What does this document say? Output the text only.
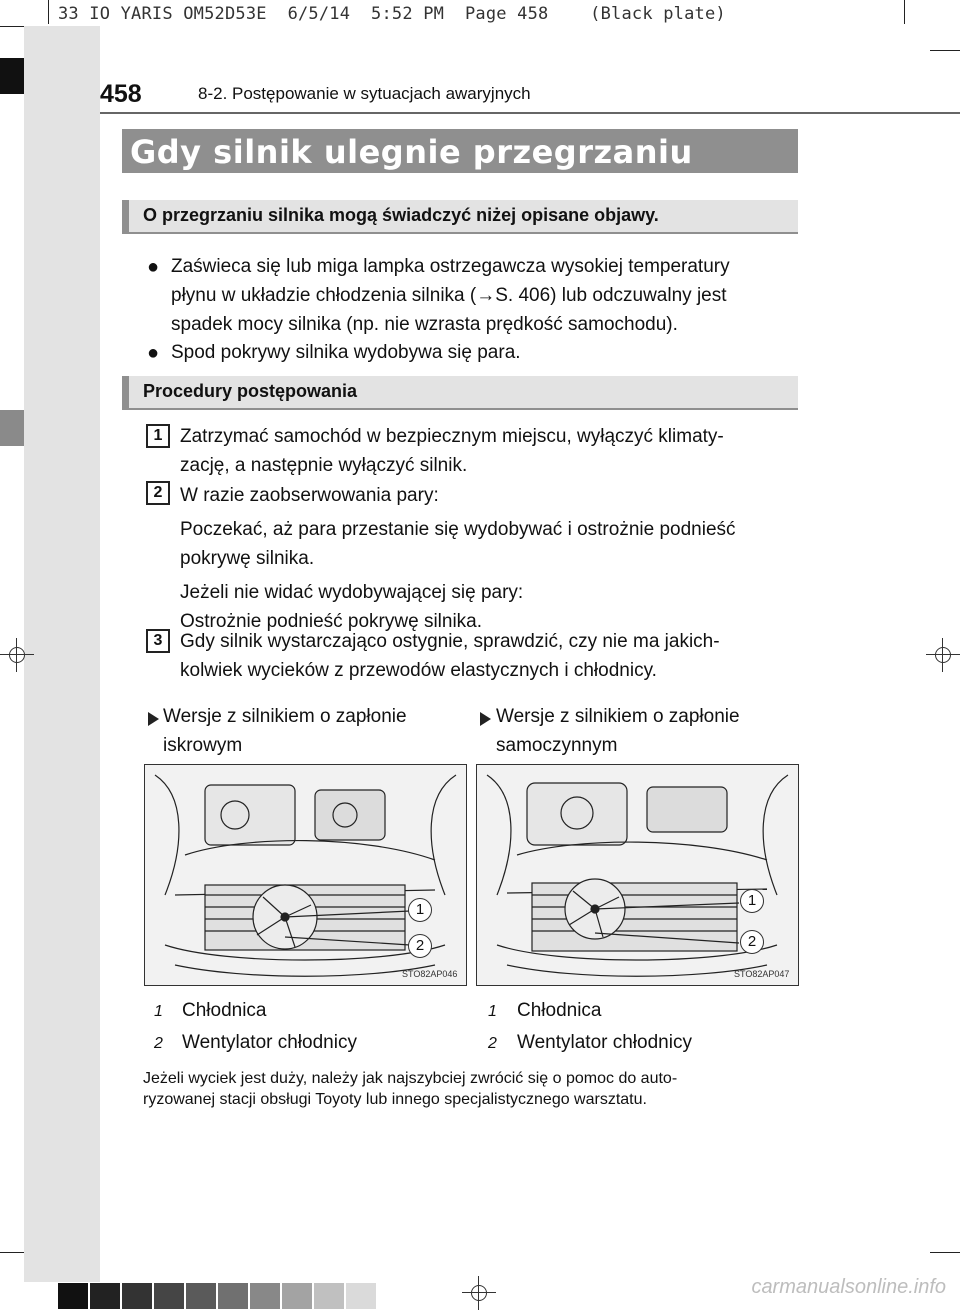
33 IO YARIS OM52D53E  6/5/14  5:52 PM  Page 458    (Black plate)
458	8-2. Postępowanie w sytuacjach awaryjnych
Gdy silnik ulegnie przegrzaniu
O przegrzaniu silnika mogą świadczyć niżej opisane objawy.
● Zaświeca się lub miga lampka ostrzegawcza wysokiej temperatury
płynu w układzie chłodzenia silnika (→S. 406) lub odczuwalny jest
spadek mocy silnika (np. nie wzrasta prędkość samochodu).
● Spod pokrywy silnika wydobywa się para.
Procedury postępowania
1 Zatrzymać samochód w bezpiecznym miejscu, wyłączyć klimaty-
zację, a następnie wyłączyć silnik.
2 W razie zaobserwowania pary:
Poczekać, aż para przestanie się wydobywać i ostrożnie podnieść
pokrywę silnika.
Jeżeli nie widać wydobywającej się pary:
Ostrożnie podnieść pokrywę silnika.
3 Gdy silnik wystarczająco ostygnie, sprawdzić, czy nie ma jakich-
kolwiek wycieków z przewodów elastycznych i chłodnicy.
Wersje z silnikiem o zapłonie
iskrowym
Wersje z silnikiem o zapłonie
samoczynnym
1
2
STO82AP046
1
2
STO82AP047
1 Chłodnica
2 Wentylator chłodnicy
1 Chłodnica
2 Wentylator chłodnicy
Jeżeli wyciek jest duży, należy jak najszybciej zwrócić się o pomoc do auto-
ryzowanej stacji obsługi Toyoty lub innego specjalistycznego warsztatu.
carmanualsonline.info
